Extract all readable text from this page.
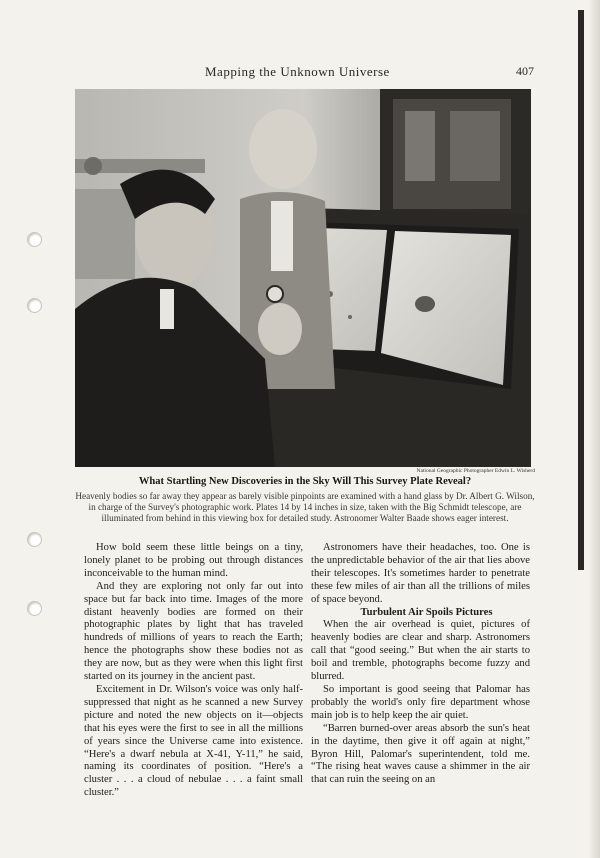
Mapping the Unknown Universe	407
National Geographic Photographer Edwin L. Wisherd
What Startling New Discoveries in the Sky Will This Survey Plate Reveal?
Heavenly bodies so far away they appear as barely visible pinpoints are examined with a hand glass by Dr. Albert G. Wilson, in charge of the Survey's photographic work. Plates 14 by 14 inches in size, taken with the Big Schmidt telescope, are illuminated from behind in this viewing box for detailed study. Astronomer Walter Baade shows eager interest.

How bold seem these little beings on a tiny, lonely planet to be probing out through distances inconceivable to the human mind.

And they are exploring not only far out into space but far back into time. Images of the more distant heavenly bodies are formed on their photographic plates by light that has traveled hundreds of millions of years to reach the Earth; hence the photographs show these bodies not as they are now, but as they were when this light first started on its journey in the ancient past.

Excitement in Dr. Wilson's voice was only half-suppressed that night as he scanned a new Survey picture and noted the new objects on it—objects that his eyes were the first to see in all the millions of years since the Universe came into existence. “Here's a dwarf nebula at X-41, Y-11,” he said, naming its coordinates of position. “Here's a cluster . . . a cloud of nebulae . . . a faint small cluster.”

Astronomers have their headaches, too. One is the unpredictable behavior of the air that lies above their telescopes. It's sometimes harder to penetrate these few miles of air than all the trillions of miles of space beyond.

Turbulent Air Spoils Pictures

When the air overhead is quiet, pictures of heavenly bodies are clear and sharp. Astronomers call that “good seeing.” But when the air starts to boil and tremble, photographs become fuzzy and blurred.

So important is good seeing that Palomar has probably the world's only fire department whose main job is to help keep the air quiet.

“Barren burned-over areas absorb the sun's heat in the daytime, then give it off again at night,” Byron Hill, Palomar's superintendent, told me. “The rising heat waves cause a shimmer in the air that can ruin the seeing on an
